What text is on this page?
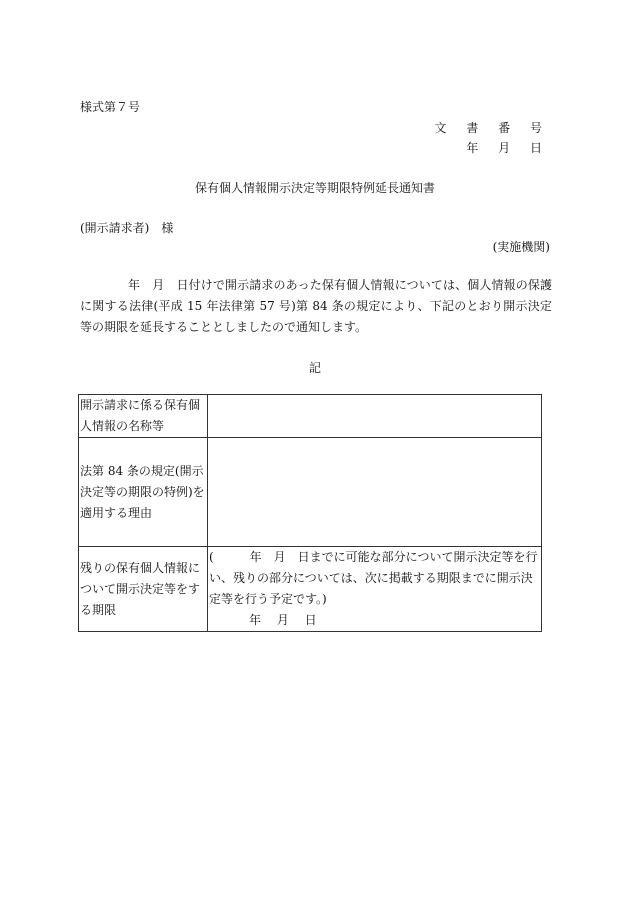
様式第７号
文 書 番 号
年 月 日
保有個人情報開示決定等期限特例延長通知書
(開示請求者)　様
(実施機関)

年　月　日付けで開示請求のあった保有個人情報については、個人情報の保護に関する法律(平成 15 年法律第 57 号)第 84 条の規定により、下記のとおり開示決定等の期限を延長することとしましたので通知します。

記
開示請求に係る保有個人情報の名称等	
法第 84 条の規定(開示決定等の期限の特例)を適用する理由	
残りの保有個人情報について開示決定等をする期限	(　　　年　月　日までに可能な部分について開示決定等を行い、残りの部分については、次に掲載する期限までに開示決定等を行う予定です。)
年 月 日
